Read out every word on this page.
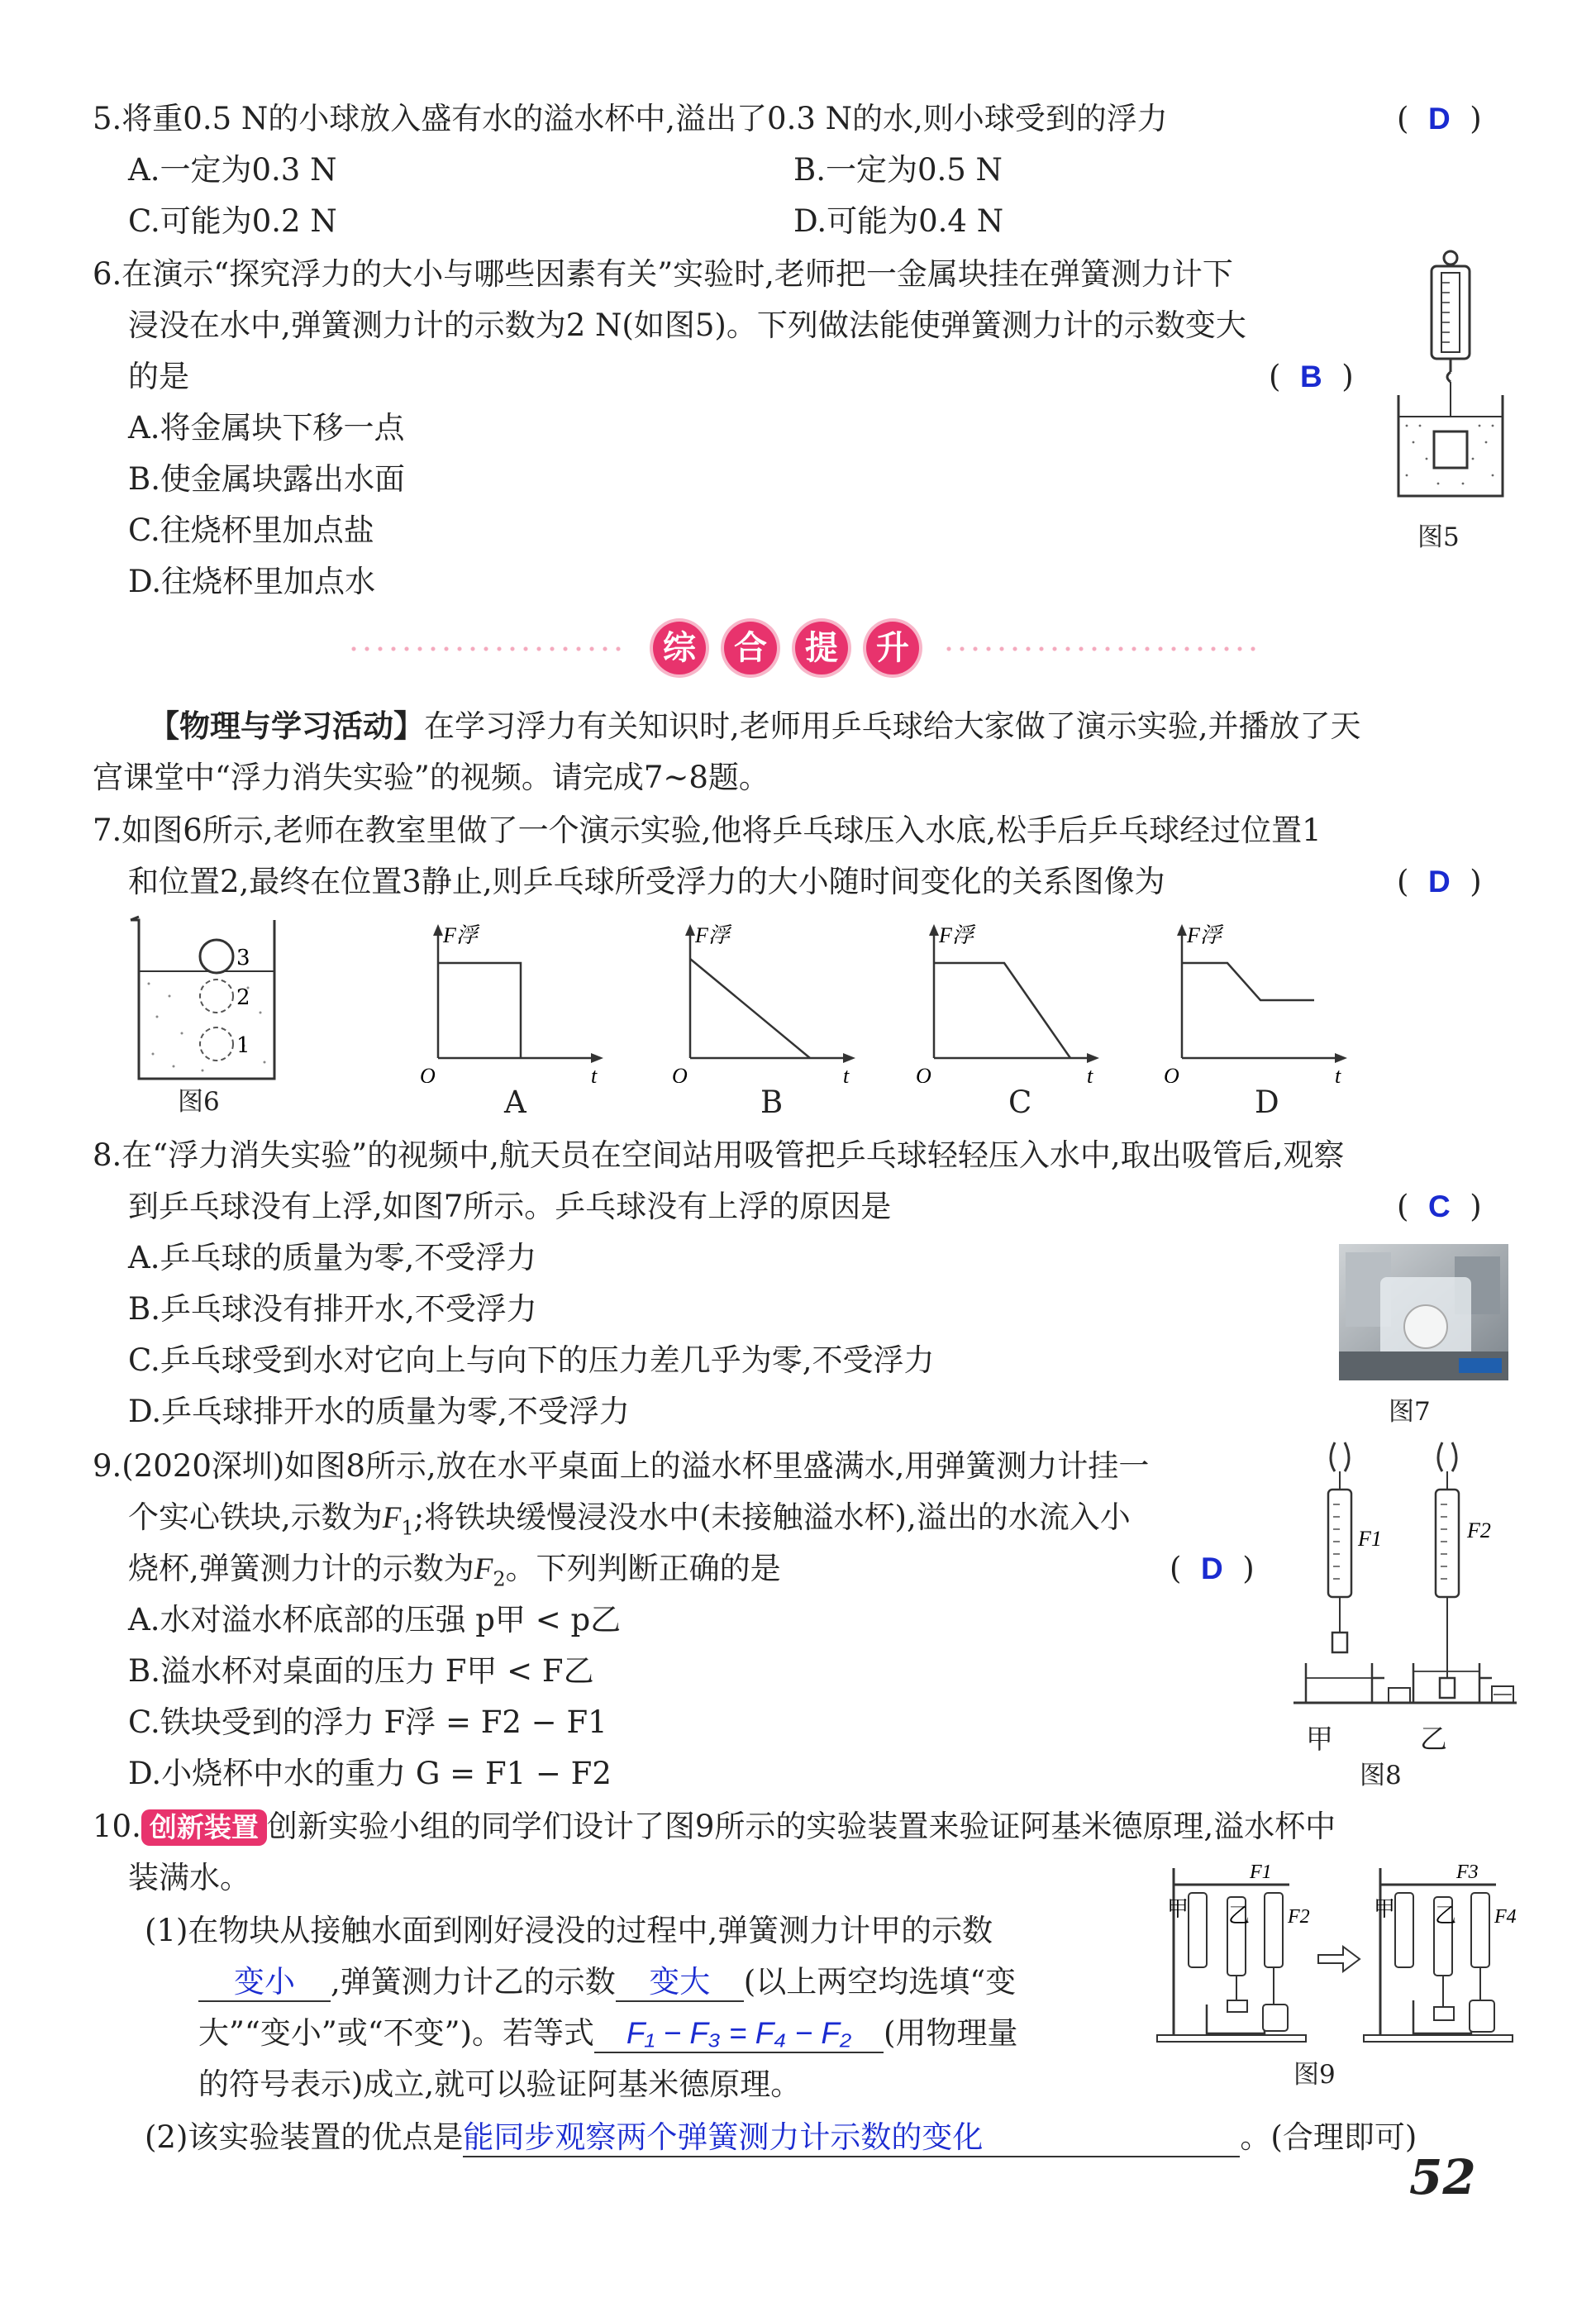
5.将重0.5 N的小球放入盛有水的溢水杯中,溢出了0.3 N的水,则小球受到的浮力	(  D  )
A.一定为0.3 N	B.一定为0.5 N
C.可能为0.2 N	D.可能为0.4 N
6.在演示“探究浮力的大小与哪些因素有关”实验时,老师把一金属块挂在弹簧测力计下
浸没在水中,弹簧测力计的示数为2 N(如图5)。下列做法能使弹簧测力计的示数变大
的是	(  B  )
A.将金属块下移一点
B.使金属块露出水面
C.往烧杯里加点盐
D.往烧杯里加点水
图5
综	合	提	升
【物理与学习活动】在学习浮力有关知识时,老师用乒乓球给大家做了演示实验,并播放了天
宫课堂中“浮力消失实验”的视频。请完成7~8题。
7.如图6所示,老师在教室里做了一个演示实验,他将乒乓球压入水底,松手后乒乓球经过位置1
和位置2,最终在位置3静止,则乒乓球所受浮力的大小随时间变化的关系图像为	(  D  )
3
2
1
图6
F浮
t
O
F浮
t
O
F浮
t
O
F浮
t
O
A	B	C	D
8.在“浮力消失实验”的视频中,航天员在空间站用吸管把乒乓球轻轻压入水中,取出吸管后,观察
到乒乓球没有上浮,如图7所示。乒乓球没有上浮的原因是	(  C  )
A.乒乓球的质量为零,不受浮力
B.乒乓球没有排开水,不受浮力
C.乒乓球受到水对它向上与向下的压力差几乎为零,不受浮力
D.乒乓球排开水的质量为零,不受浮力	图7
9.(2020深圳)如图8所示,放在水平桌面上的溢水杯里盛满水,用弹簧测力计挂一
个实心铁块,示数为$F_1$;将铁块缓慢浸没水中(未接触溢水杯),溢出的水流入小
烧杯,弹簧测力计的示数为$F_2$。下列判断正确的是	(  D  )
A.水对溢水杯底部的压强 p甲 < p乙
B.溢水杯对桌面的压力 F甲 < F乙
C.铁块受到的浮力 F浮 = F2 − F1
D.小烧杯中水的重力 G = F1 − F2
F1	F2
甲	乙
图8
10. 创新装置 创新实验小组的同学们设计了图9所示的实验装置来验证阿基米德原理,溢水杯中
装满水。
(1)在物块从接触水面到刚好浸没的过程中,弹簧测力计甲的示数
变小 ,弹簧测力计乙的示数 变大 (以上两空均选填“变
大”“变小”或“不变”)。若等式 F₁ − F₃ = F₄ − F₂ (用物理量
的符号表示)成立,就可以验证阿基米德原理。
(2)该实验装置的优点是能同步观察两个弹簧测力计示数的变化	。(合理即可)
甲 乙
F1
F2	甲 乙
F3
F4
图9
52
